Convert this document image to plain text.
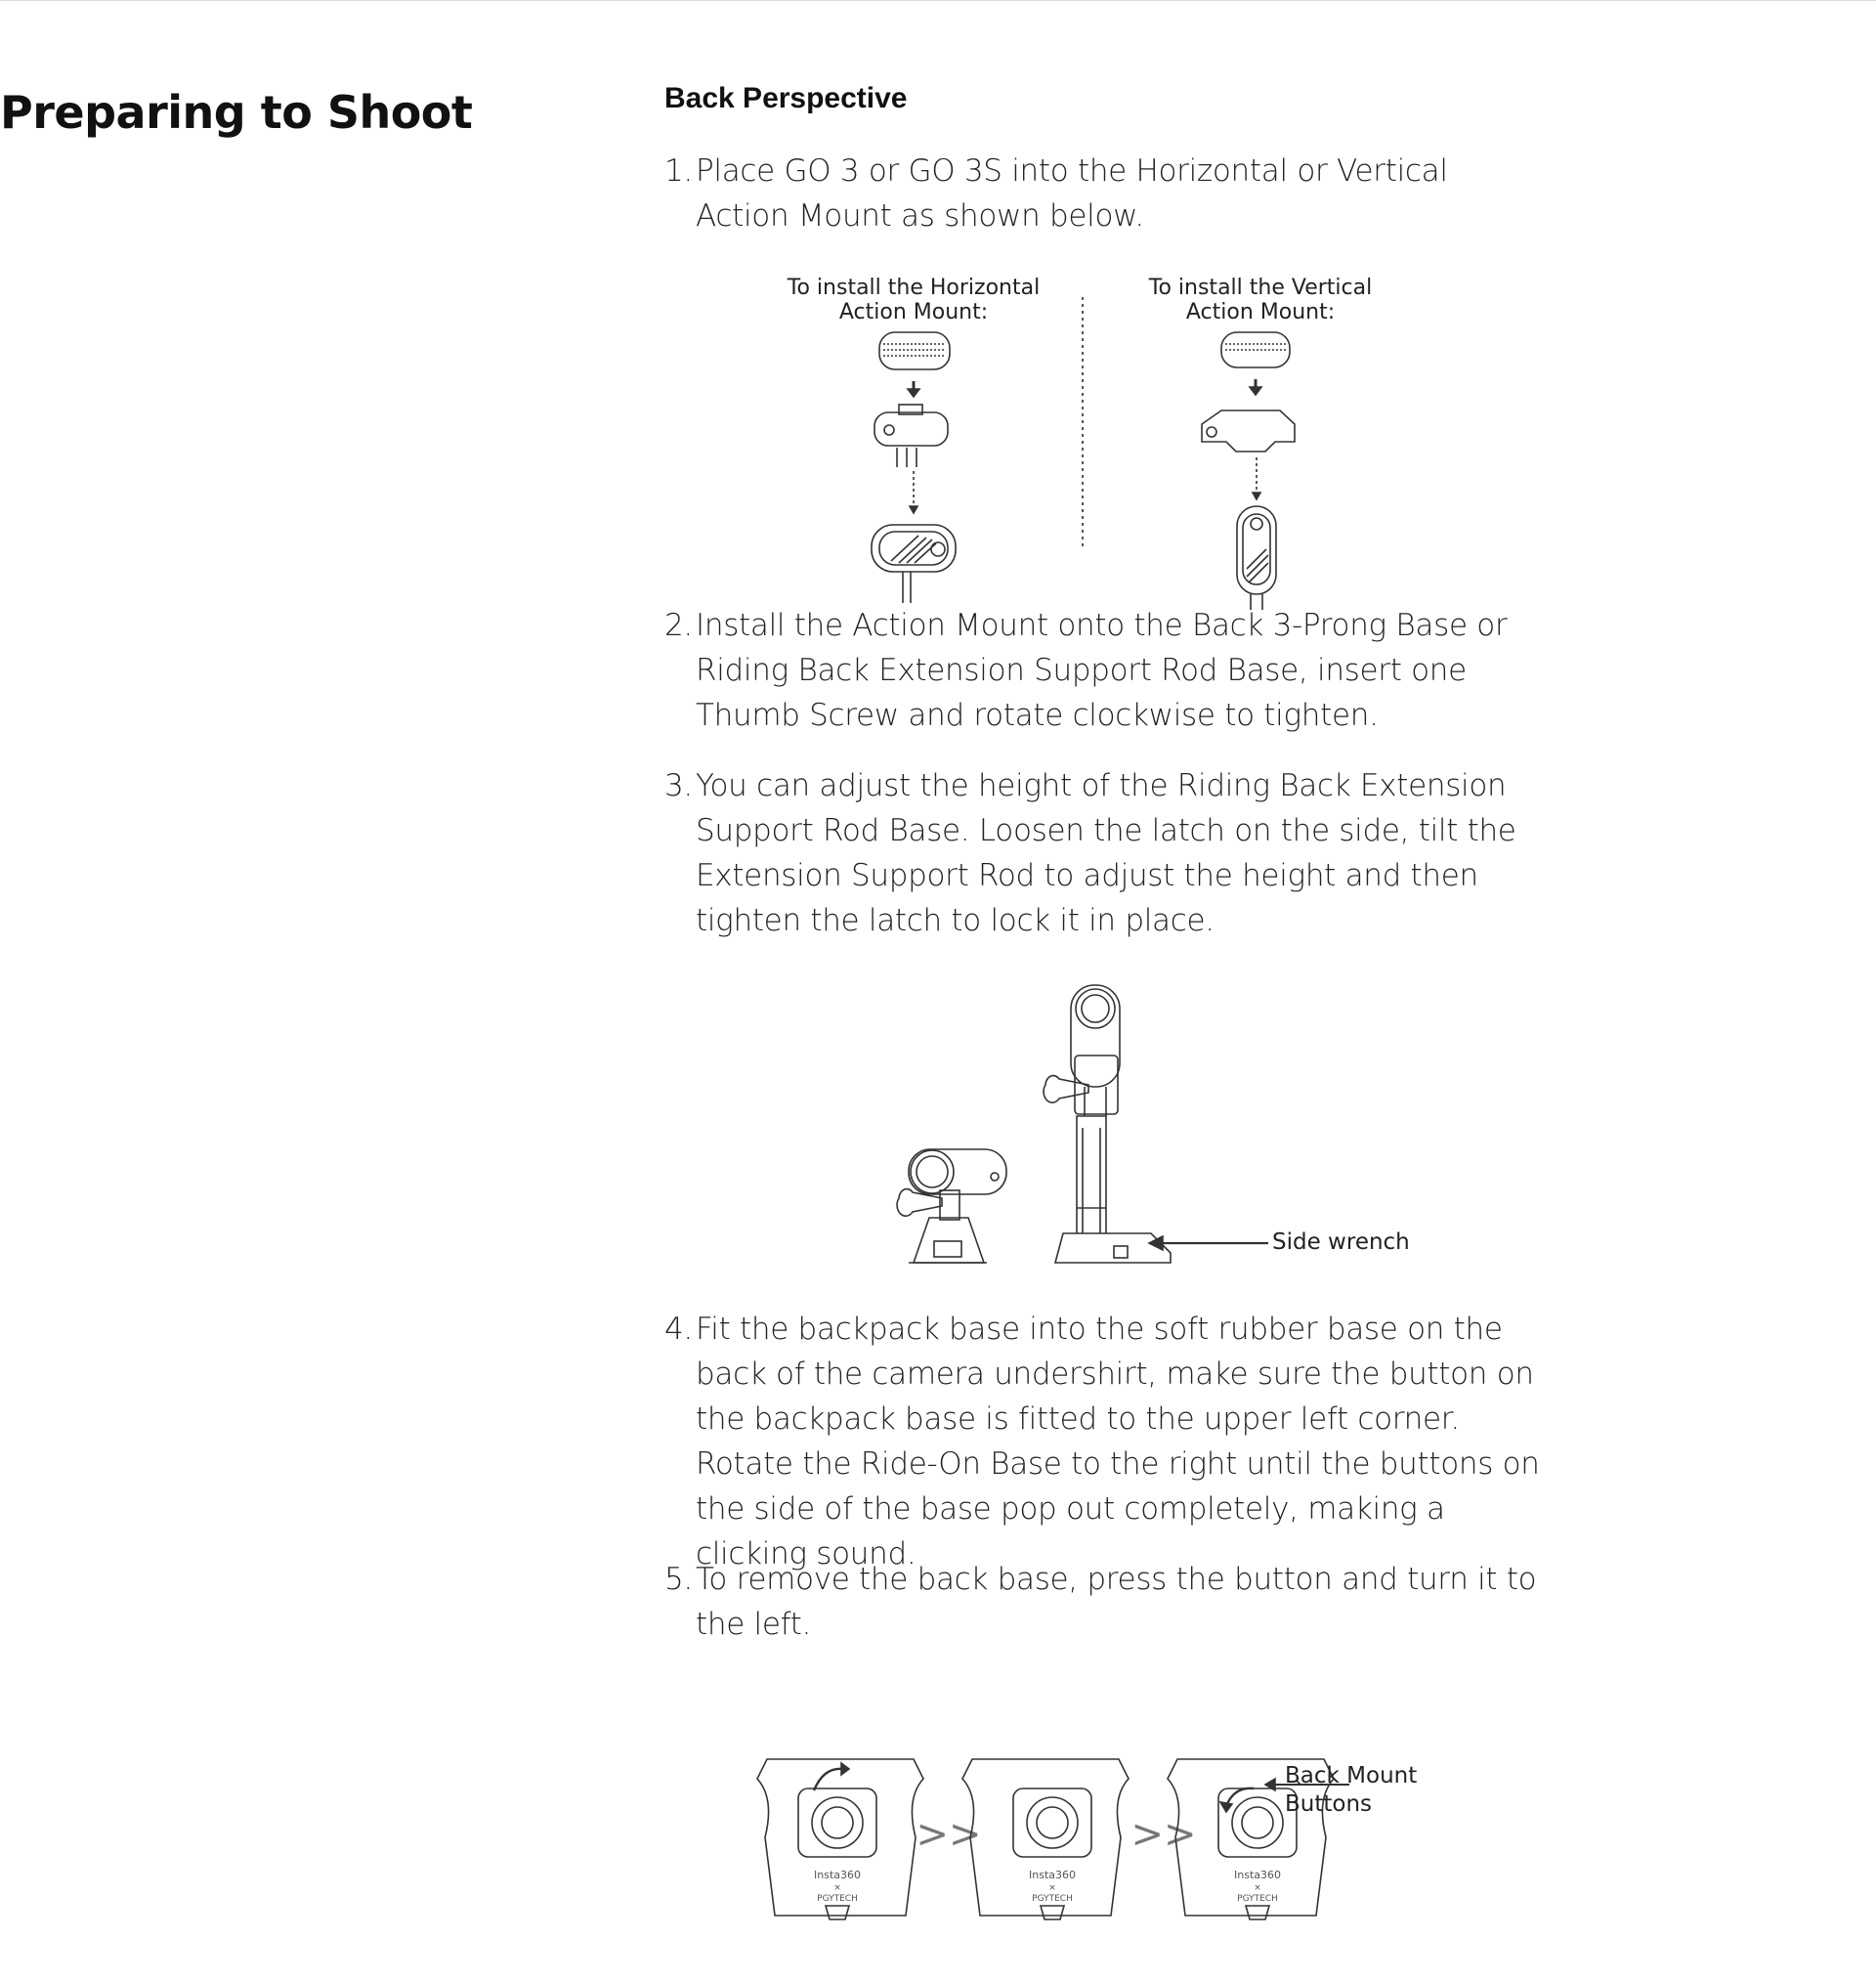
Preparing to Shoot	Back Perspective
1. Place GO 3 or GO 3S into the Horizontal or Vertical Action Mount as shown below.
To install the Horizontal Action Mount:
To install the Vertical Action Mount:
2. Install the Action Mount onto the Back 3-Prong Base or Riding Back Extension Support Rod Base, insert one Thumb Screw and rotate clockwise to tighten.
3. You can adjust the height of the Riding Back Extension Support Rod Base. Loosen the latch on the side, tilt the Extension Support Rod to adjust the height and then tighten the latch to lock it in place.
Side wrench
4. Fit the backpack base into the soft rubber base on the back of the camera undershirt, make sure the button on the backpack base is fitted to the upper left corner. Rotate the Ride-On Base to the right until the buttons on the side of the base pop out completely, making a clicking sound.
5. To remove the back base, press the button and turn it to the left.
Insta360
×
PGYTECH
>>
Insta360
×
PGYTECH
>>
Insta360
×
PGYTECH
Back Mount Buttons
